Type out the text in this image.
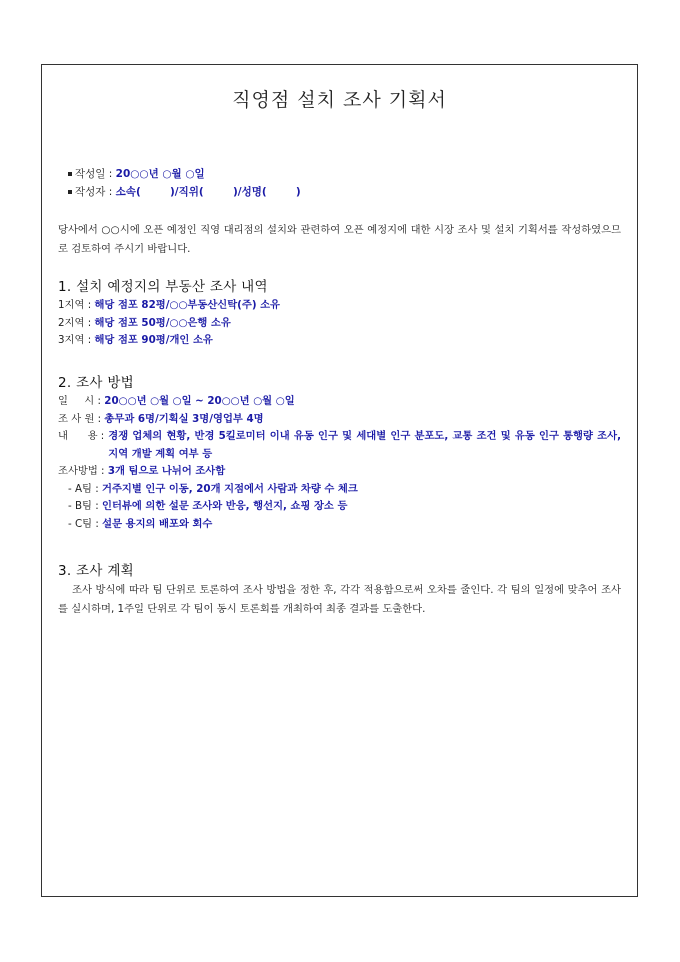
직영점 설치 조사 기획서
작성일 : 20○○년 ○월 ○일
작성자 : 소속(        )/직위(        )/성명(        )
당사에서 ○○시에 오픈 예정인 직영 대리점의 설치와 관련하여 오픈 예정지에 대한 시장 조사 및 설치 기획서를 작성하였으므로 검토하여 주시기 바랍니다.
1. 설치 예정지의 부동산 조사 내역
1지역 : 해당 점포 82평/○○부동산신탁(주) 소유
2지역 : 해당 점포 50평/○○은행 소유
3지역 : 해당 점포 90평/개인 소유
2. 조사 방법
일     시 : 20○○년 ○월 ○일 ~ 20○○년 ○월 ○일
조 사 원 : 총무과 6명/기획실 3명/영업부 4명
내      용 : 경쟁 업체의 현황, 반경 5킬로미터 이내 유동 인구 및 세대별 인구 분포도, 교통 조건 및 유동 인구 통행량 조사, 지역 개발 계획 여부 등
조사방법 : 3개 팀으로 나뉘어 조사함
- A팀 : 거주지별 인구 이동, 20개 지점에서 사람과 차량 수 체크
- B팀 : 인터뷰에 의한 설문 조사와 반응, 행선지, 쇼핑 장소 등
- C팀 : 설문 용지의 배포와 회수
3. 조사 계획
조사 방식에 따라 팀 단위로 토론하여 조사 방법을 정한 후, 각각 적용함으로써 오차를 줄인다. 각 팀의 일정에 맞추어 조사를 실시하며, 1주일 단위로 각 팀이 동시 토론회를 개최하여 최종 결과를 도출한다.
